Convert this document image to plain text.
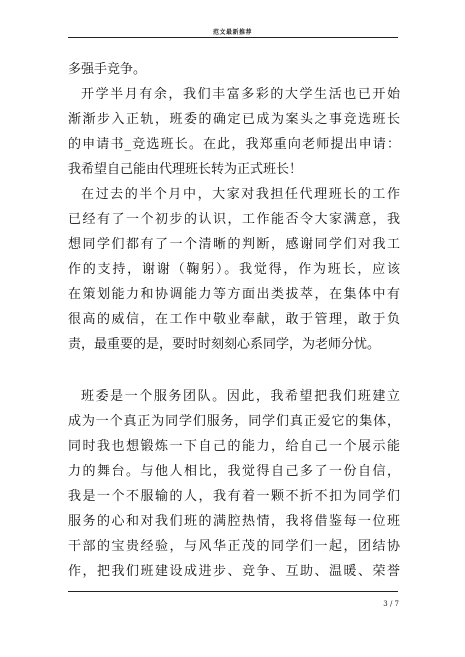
范文最新推荐
多强手竞争。
开学半月有余，我们丰富多彩的大学生活也已开始
渐渐步入正轨，班委的确定已成为案头之事竞选班长
的申请书_竞选班长。在此，我郑重向老师提出申请：
我希望自己能由代理班长转为正式班长！
在过去的半个月中，大家对我担任代理班长的工作
已经有了一个初步的认识，工作能否令大家满意，我
想同学们都有了一个清晰的判断，感谢同学们对我工
作的支持，谢谢（鞠躬）。我觉得，作为班长，应该
在策划能力和协调能力等方面出类拔萃，在集体中有
很高的威信，在工作中敬业奉献，敢于管理，敢于负
责，最重要的是，要时时刻刻心系同学，为老师分忧。
班委是一个服务团队。因此，我希望把我们班建立
成为一个真正为同学们服务，同学们真正爱它的集体，
同时我也想锻炼一下自己的能力，给自己一个展示能
力的舞台。与他人相比，我觉得自己多了一份自信，
我是一个不服输的人，我有着一颗不折不扣为同学们
服务的心和对我们班的满腔热情，我将借鉴每一位班
干部的宝贵经验，与风华正茂的同学们一起，团结协
作，把我们班建设成进步、竞争、互助、温暖、荣誉
3 / 7
